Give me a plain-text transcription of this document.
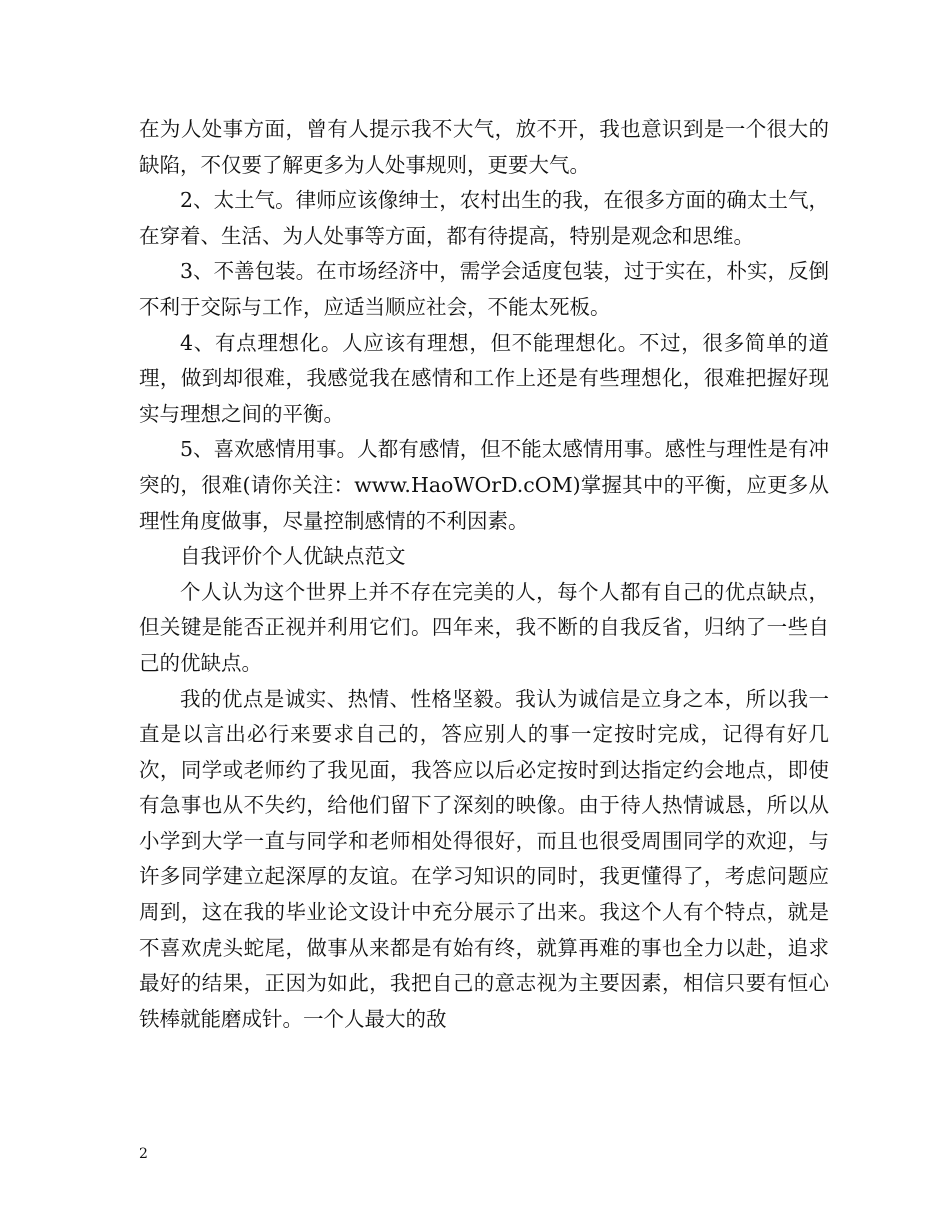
在为人处事方面，曾有人提示我不大气，放不开，我也意识到是一个很大的缺陷，不仅要了解更多为人处事规则，更要大气。

2、太土气。律师应该像绅士，农村出生的我，在很多方面的确太土气，在穿着、生活、为人处事等方面，都有待提高，特别是观念和思维。

3、不善包装。在市场经济中，需学会适度包装，过于实在，朴实，反倒不利于交际与工作，应适当顺应社会，不能太死板。

4、有点理想化。人应该有理想，但不能理想化。不过，很多简单的道理，做到却很难，我感觉我在感情和工作上还是有些理想化，很难把握好现实与理想之间的平衡。

5、喜欢感情用事。人都有感情，但不能太感情用事。感性与理性是有冲突的，很难(请你关注：www.HaoWOrD.cOM)掌握其中的平衡，应更多从理性角度做事，尽量控制感情的不利因素。

自我评价个人优缺点范文

个人认为这个世界上并不存在完美的人，每个人都有自己的优点缺点，但关键是能否正视并利用它们。四年来，我不断的自我反省，归纳了一些自己的优缺点。

我的优点是诚实、热情、性格坚毅。我认为诚信是立身之本，所以我一直是以言出必行来要求自己的，答应别人的事一定按时完成，记得有好几次，同学或老师约了我见面，我答应以后必定按时到达指定约会地点，即使有急事也从不失约，给他们留下了深刻的映像。由于待人热情诚恳，所以从小学到大学一直与同学和老师相处得很好，而且也很受周围同学的欢迎，与许多同学建立起深厚的友谊。在学习知识的同时，我更懂得了，考虑问题应周到，这在我的毕业论文设计中充分展示了出来。我这个人有个特点，就是不喜欢虎头蛇尾，做事从来都是有始有终，就算再难的事也全力以赴，追求最好的结果，正因为如此，我把自己的意志视为主要因素，相信只要有恒心铁棒就能磨成针。一个人最大的敌

2
